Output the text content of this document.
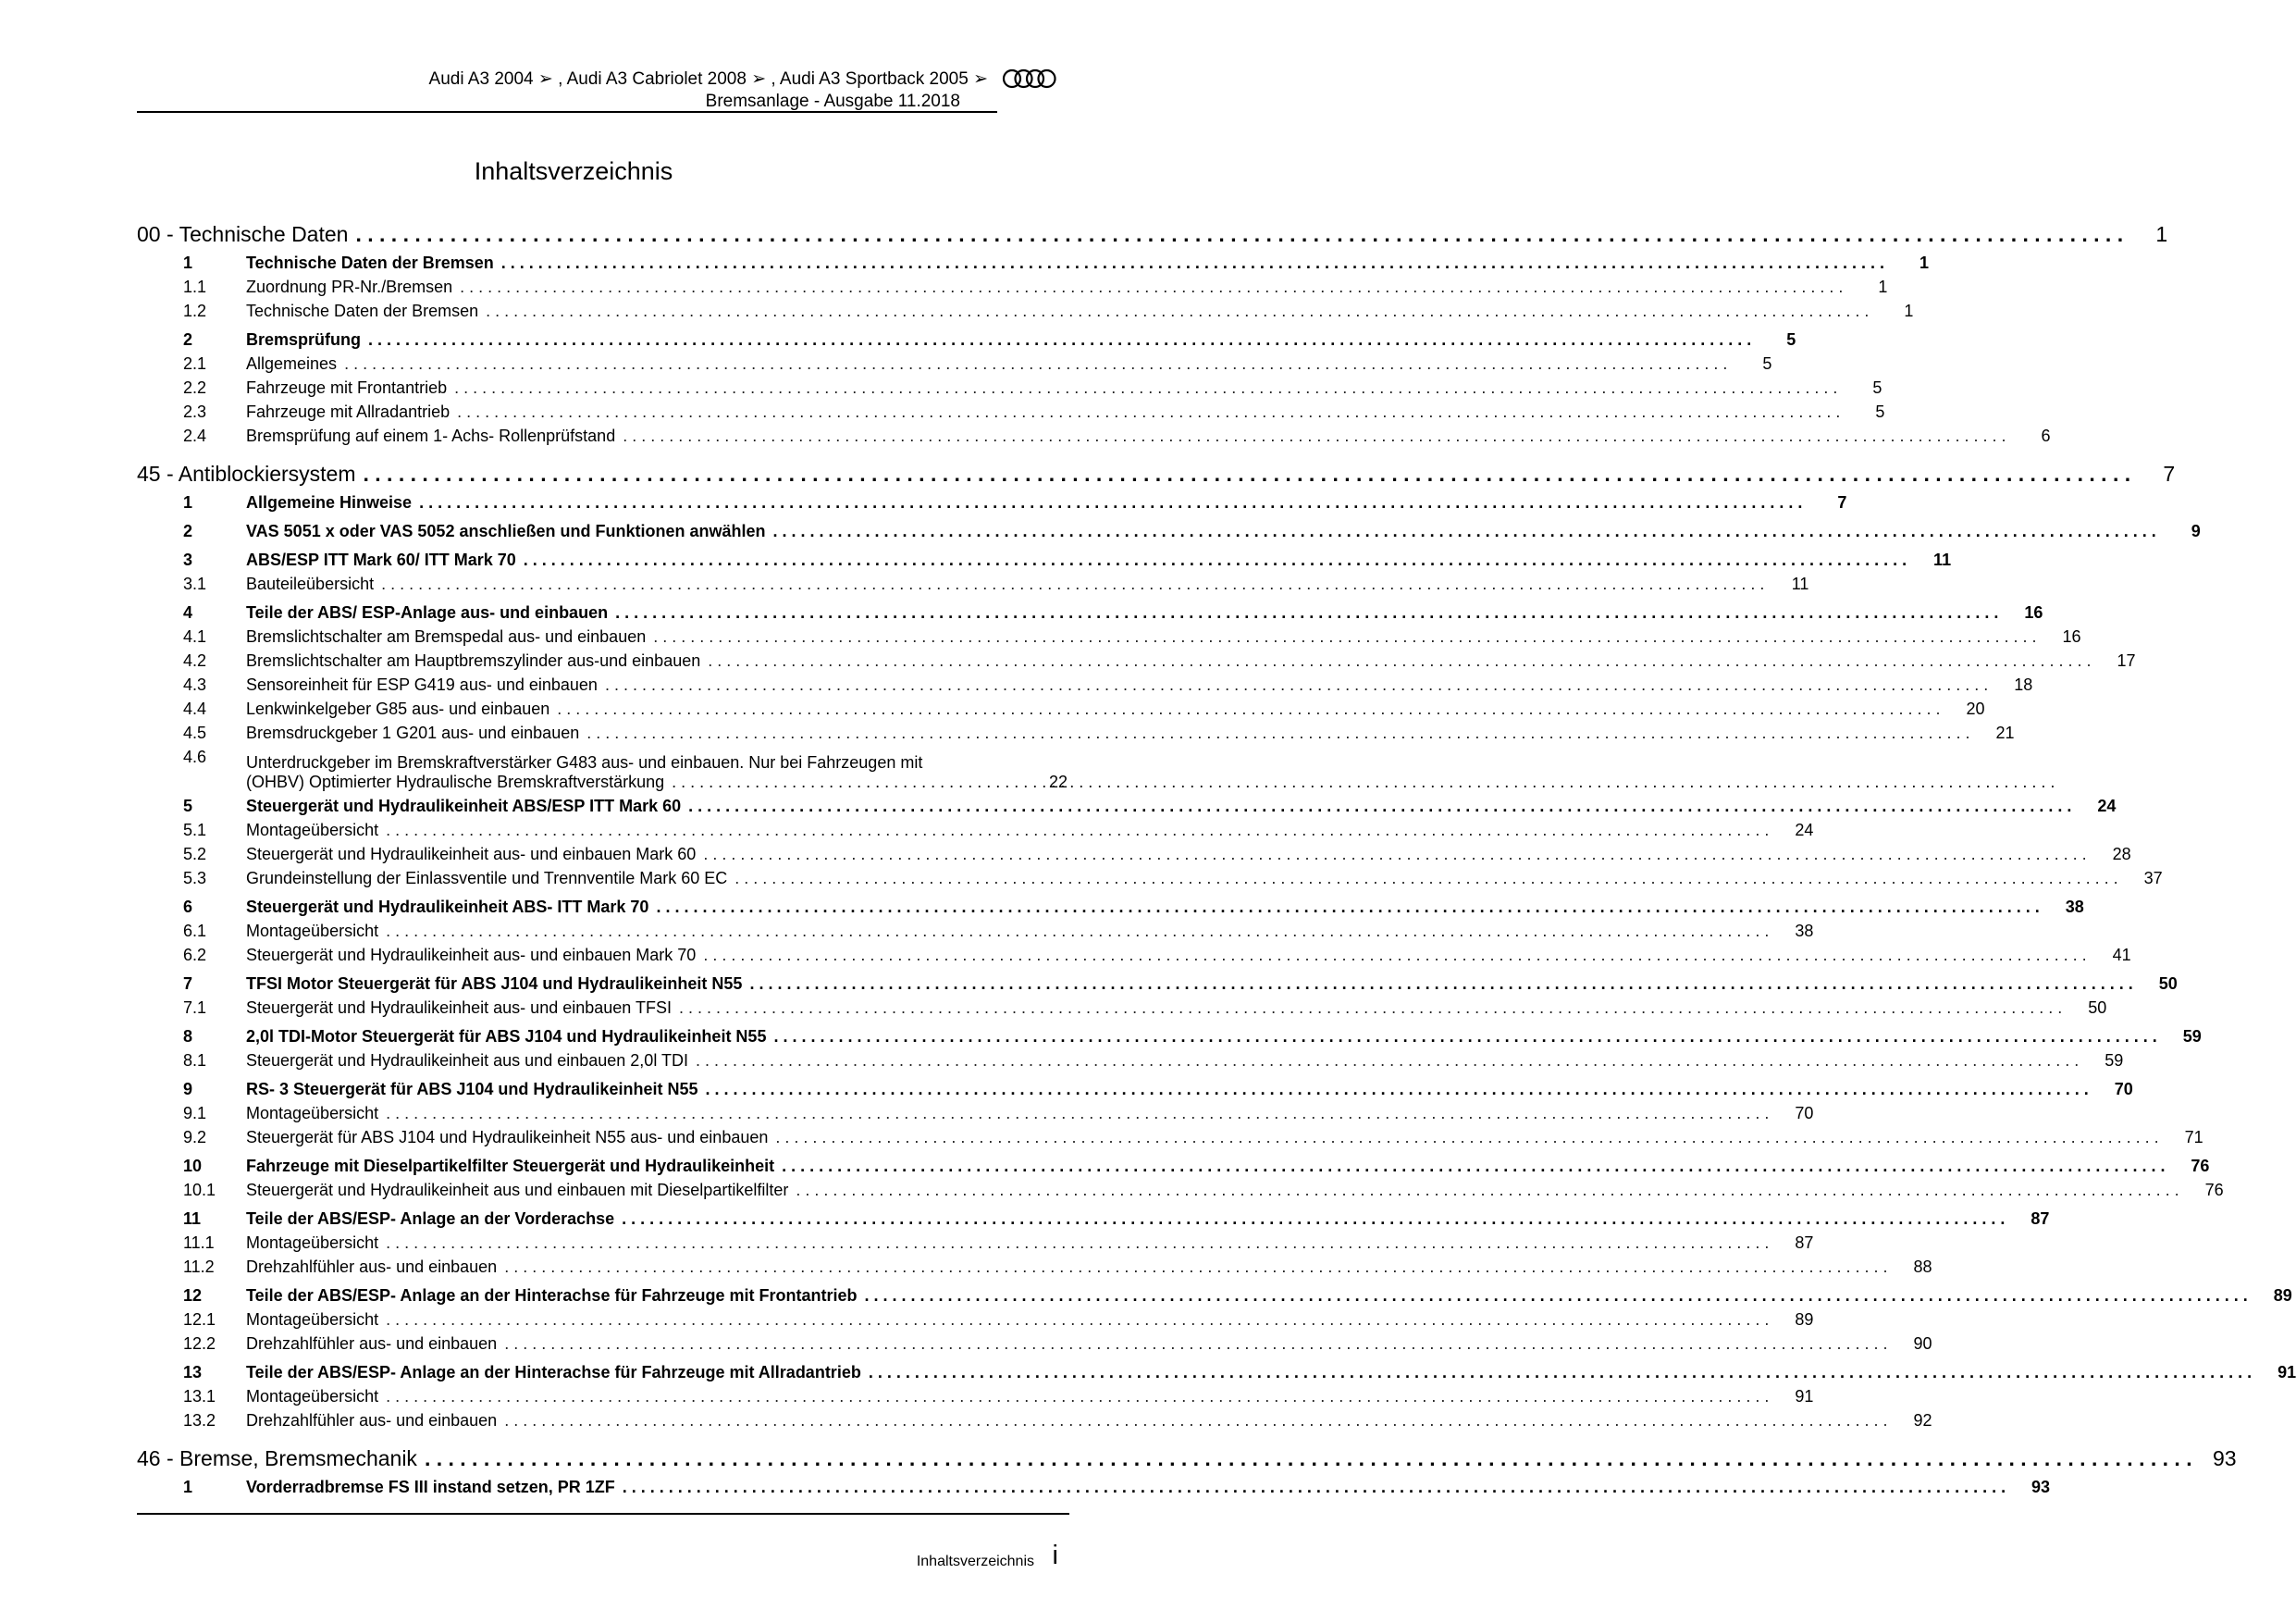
Audi A3 2004 ➢ , Audi A3 Cabriolet 2008 ➢ , Audi A3 Sportback 2005 ➢
Bremsanlage - Ausgabe 11.2018
Inhaltsverzeichnis
00 - Technische Daten . . .	1
1	Technische Daten der Bremsen . . .	1
1.1	Zuordnung PR-Nr./Bremsen . . .	1
1.2	Technische Daten der Bremsen . . .	1
2	Bremsprüfung . . .	5
2.1	Allgemeines . . .	5
2.2	Fahrzeuge mit Frontantrieb . . .	5
2.3	Fahrzeuge mit Allradantrieb . . .	5
2.4	Bremsprüfung auf einem 1- Achs- Rollenprüfstand . . .	6
45 - Antiblockiersystem . . .	7
1	Allgemeine Hinweise . . .	7
2	VAS 5051 x oder VAS 5052 anschließen und Funktionen anwählen . . .	9
3	ABS/ESP ITT Mark 60/ ITT Mark 70 . . .	11
3.1	Bauteileübersicht . . .	11
4	Teile der ABS/ ESP-Anlage aus- und einbauen . . .	16
4.1	Bremslichtschalter am Bremspedal aus- und einbauen . . .	16
4.2	Bremslichtschalter am Hauptbremszylinder aus-und einbauen . . .	17
4.3	Sensoreinheit für ESP G419 aus- und einbauen . . .	18
4.4	Lenkwinkelgeber G85 aus- und einbauen . . .	20
4.5	Bremsdruckgeber 1 G201 aus- und einbauen . . .	21
4.6	Unterdruckgeber im Bremskraftverstärker G483 aus- und einbauen. Nur bei Fahrzeugen mit
(OHBV) Optimierter Hydraulische Bremskraftverstärkung . . .	22
5	Steuergerät und Hydraulikeinheit ABS/ESP ITT Mark 60 . . .	24
5.1	Montageübersicht . . .	24
5.2	Steuergerät und Hydraulikeinheit aus- und einbauen Mark 60 . . .	28
5.3	Grundeinstellung der Einlassventile und Trennventile Mark 60 EC . . .	37
6	Steuergerät und Hydraulikeinheit ABS- ITT Mark 70 . . .	38
6.1	Montageübersicht . . .	38
6.2	Steuergerät und Hydraulikeinheit aus- und einbauen Mark 70 . . .	41
7	TFSI Motor Steuergerät für ABS J104 und Hydraulikeinheit N55 . . .	50
7.1	Steuergerät und Hydraulikeinheit aus- und einbauen TFSI . . .	50
8	2,0l TDI-Motor Steuergerät für ABS J104 und Hydraulikeinheit N55 . . .	59
8.1	Steuergerät und Hydraulikeinheit aus und einbauen 2,0l TDI . . .	59
9	RS- 3 Steuergerät für ABS J104 und Hydraulikeinheit N55 . . .	70
9.1	Montageübersicht . . .	70
9.2	Steuergerät für ABS J104 und Hydraulikeinheit N55 aus- und einbauen . . .	71
10	Fahrzeuge mit Dieselpartikelfilter Steuergerät und Hydraulikeinheit . . .	76
10.1	Steuergerät und Hydraulikeinheit aus und einbauen mit Dieselpartikelfilter . . .	76
11	Teile der ABS/ESP- Anlage an der Vorderachse . . .	87
11.1	Montageübersicht . . .	87
11.2	Drehzahlfühler aus- und einbauen . . .	88
12	Teile der ABS/ESP- Anlage an der Hinterachse für Fahrzeuge mit Frontantrieb . . .	89
12.1	Montageübersicht . . .	89
12.2	Drehzahlfühler aus- und einbauen . . .	90
13	Teile der ABS/ESP- Anlage an der Hinterachse für Fahrzeuge mit Allradantrieb . . .	91
13.1	Montageübersicht . . .	91
13.2	Drehzahlfühler aus- und einbauen . . .	92
46 - Bremse, Bremsmechanik . . .	93
1	Vorderradbremse FS III instand setzen, PR 1ZF . . .	93
Inhaltsverzeichnis i
